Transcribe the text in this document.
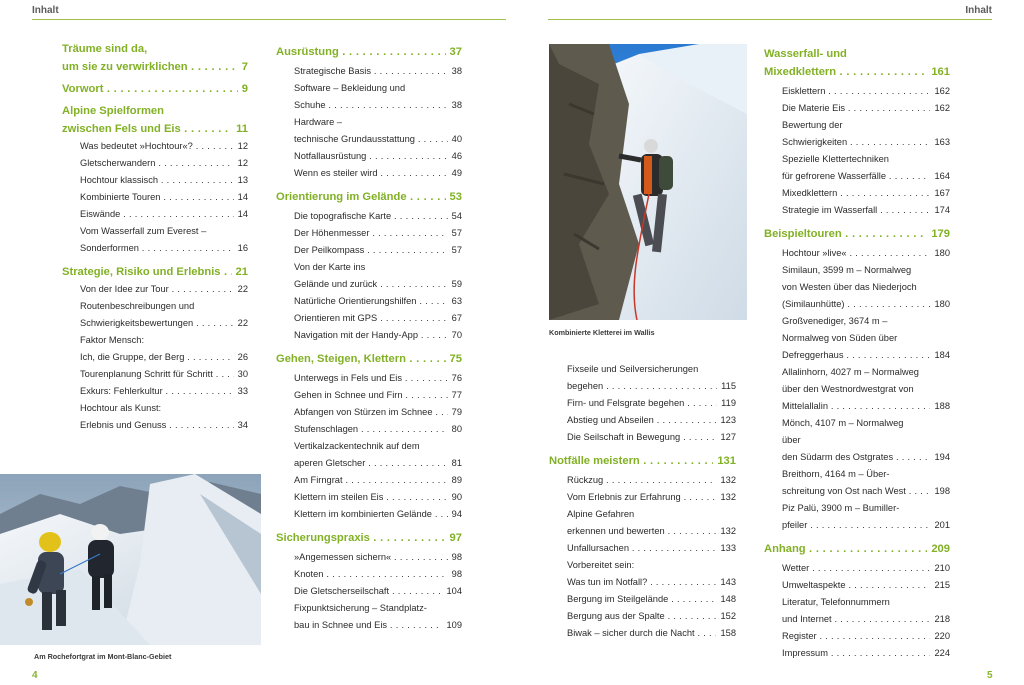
Inhalt	Inhalt
Träume sind da,
um sie zu verwirklichen . . .	7
Vorwort . . .	9
Alpine Spielformen
zwischen Fels und Eis . . .	11
Was bedeutet »Hochtour«? . . .	12
Gletscherwandern . . .	12
Hochtour klassisch . . .	13
Kombinierte Touren . . .	14
Eiswände . . .	14
Vom Wasserfall zum Everest –
Sonderformen . . .	16
Strategie, Risiko und Erlebnis . . .	21
Von der Idee zur Tour . . .	22
Routenbeschreibungen und
Schwierigkeitsbewertungen . . .	22
Faktor Mensch:
Ich, die Gruppe, der Berg . . .	26
Tourenplanung Schritt für Schritt . . .	30
Exkurs: Fehlerkultur . . .	33
Hochtour als Kunst:
Erlebnis und Genuss . . .	34
Ausrüstung . . .	37
Strategische Basis . . .	38
Software – Bekleidung und
Schuhe . . .	38
Hardware –
technische Grundausstattung . . .	40
Notfallausrüstung . . .	46
Wenn es steiler wird . . .	49
Orientierung im Gelände . . .	53
Die topografische Karte . . .	54
Der Höhenmesser . . .	57
Der Peilkompass . . .	57
Von der Karte ins
Gelände und zurück . . .	59
Natürliche Orientierungshilfen . . .	63
Orientieren mit GPS . . .	67
Navigation mit der Handy-App . . .	70
Gehen, Steigen, Klettern . . .	75
Unterwegs in Fels und Eis . . .	76
Gehen in Schnee und Firn . . .	77
Abfangen von Stürzen im Schnee . . .	79
Stufenschlagen . . .	80
Vertikalzackentechnik auf dem
aperen Gletscher . . .	81
Am Firngrat . . .	89
Klettern im steilen Eis . . .	90
Klettern im kombinierten Gelände . . .	94
Sicherungspraxis . . .	97
»Angemessen sichern« . . .	98
Knoten . . .	98
Die Gletscherseilschaft . . .	104
Fixpunktsicherung – Standplatz-
bau in Schnee und Eis . . .	109
Fixseile und Seilversicherungen
begehen . . .	115
Firn- und Felsgrate begehen . . .	119
Abstieg und Abseilen . . .	123
Die Seilschaft in Bewegung . . .	127
Notfälle meistern . . .	131
Rückzug . . .	132
Vom Erlebnis zur Erfahrung . . .	132
Alpine Gefahren
erkennen und bewerten . . .	132
Unfallursachen . . .	133
Vorbereitet sein:
Was tun im Notfall? . . .	143
Bergung im Steilgelände . . .	148
Bergung aus der Spalte . . .	152
Biwak – sicher durch die Nacht . . .	158
Wasserfall- und
Mixedklettern . . .	161
Eisklettern . . .	162
Die Materie Eis . . .	162
Bewertung der
Schwierigkeiten . . .	163
Spezielle Klettertechniken
für gefrorene Wasserfälle . . .	164
Mixedklettern . . .	167
Strategie im Wasserfall . . .	174
Beispieltouren . . .	179
Hochtour »live« . . .	180
Similaun, 3599 m – Normalweg
von Westen über das Niederjoch
(Similaunhütte) . . .	180
Großvenediger, 3674 m –
Normalweg von Süden über
Defreggerhaus . . .	184
Allalinhorn, 4027 m – Normalweg
über den Westnordwestgrat von
Mittelallalin . . .	188
Mönch, 4107 m – Normalweg
über
den Südarm des Ostgrates . . .	194
Breithorn, 4164 m – Über-
schreitung von Ost nach West . . .	198
Piz Palü, 3900 m – Bumiller-
pfeiler . . .	201
Anhang . . .	209
Wetter . . .	210
Umweltaspekte . . .	215
Literatur, Telefonnummern
und Internet . . .	218
Register . . .	220
Impressum . . .	224
Am Rochefortgrat im Mont-Blanc-Gebiet
Kombinierte Kletterei im Wallis
4	5
